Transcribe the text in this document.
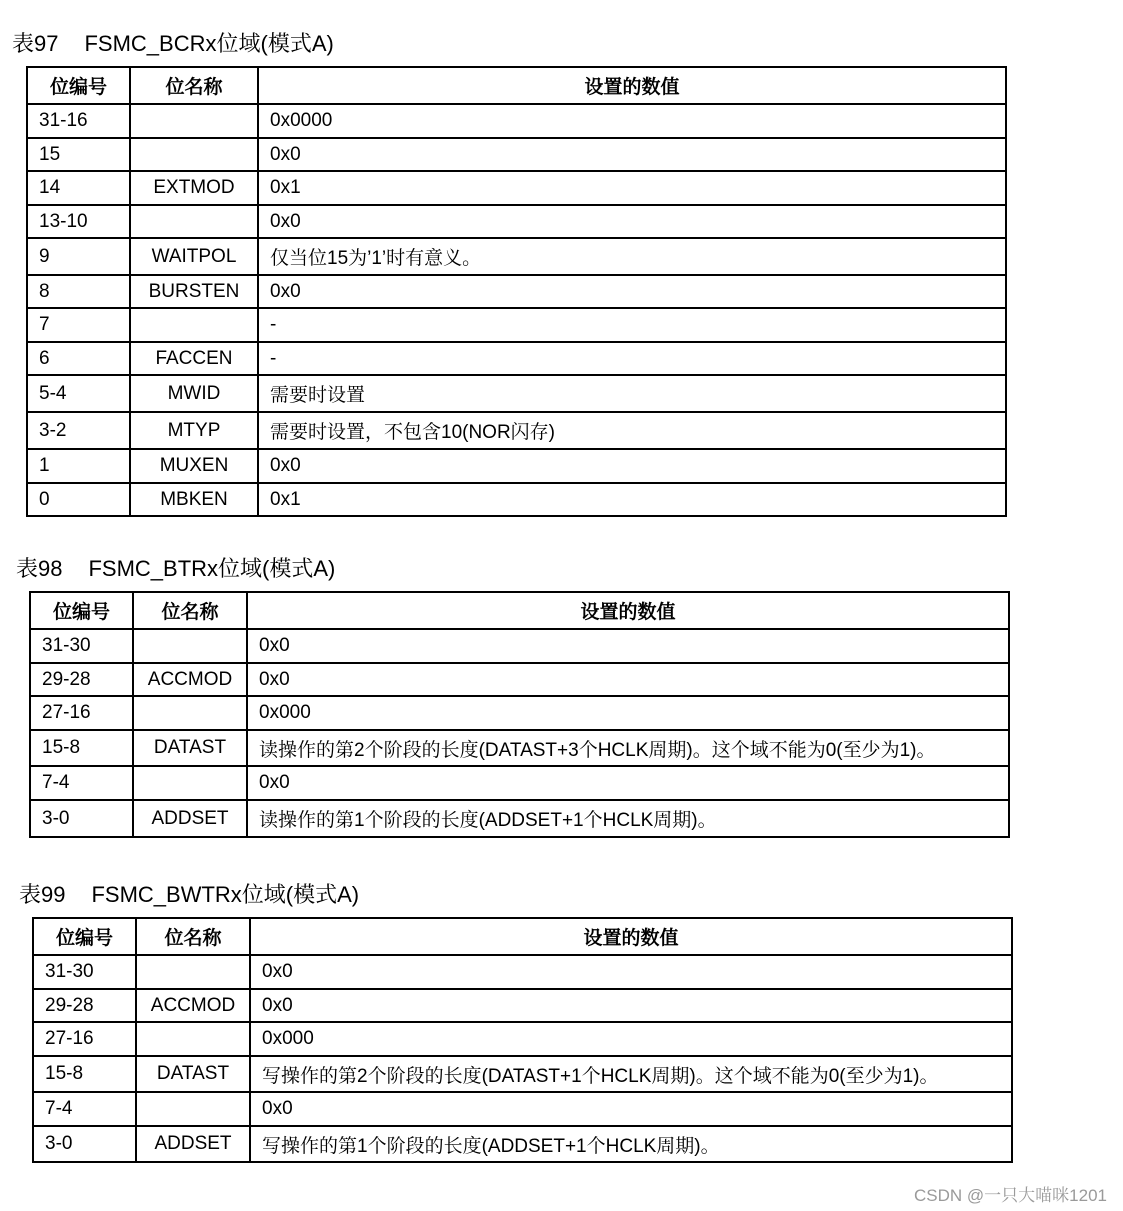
表97 FSMC_BCRx位域(模式A)
位编号	位名称	设置的数值
31-16		0x0000
15		0x0
14	EXTMOD	0x1
13-10		0x0
9	WAITPOL	仅当位15为’1’时有意义。
8	BURSTEN	0x0
7		-
6	FACCEN	-
5-4	MWID	需要时设置
3-2	MTYP	需要时设置，不包含10(NOR闪存)
1	MUXEN	0x0
0	MBKEN	0x1
表98 FSMC_BTRx位域(模式A)
位编号	位名称	设置的数值
31-30		0x0
29-28	ACCMOD	0x0
27-16		0x000
15-8	DATAST	读操作的第2个阶段的长度(DATAST+3个HCLK周期)。这个域不能为0(至少为1)。
7-4		0x0
3-0	ADDSET	读操作的第1个阶段的长度(ADDSET+1个HCLK周期)。
表99 FSMC_BWTRx位域(模式A)
位编号	位名称	设置的数值
31-30		0x0
29-28	ACCMOD	0x0
27-16		0x000
15-8	DATAST	写操作的第2个阶段的长度(DATAST+1个HCLK周期)。这个域不能为0(至少为1)。
7-4		0x0
3-0	ADDSET	写操作的第1个阶段的长度(ADDSET+1个HCLK周期)。
CSDN @一只大喵咪1201
